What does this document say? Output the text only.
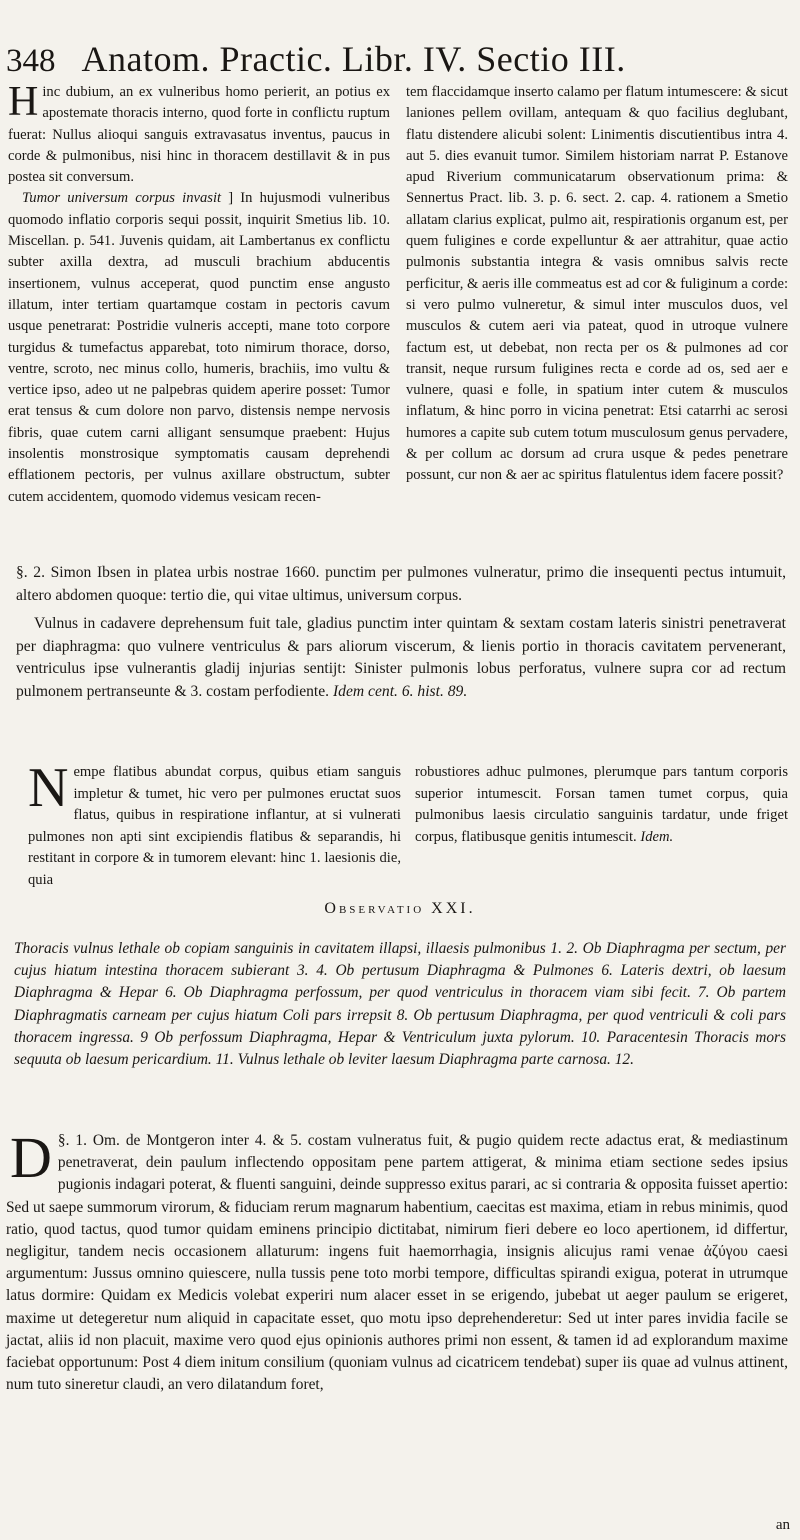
348 Anatom. Practic. Libr. IV. Sectio III.
H inc dubium, an ex vulneribus homo perierit, an potius ex apostemate thoracis interno, quod forte in conflictu ruptum fuerat: Nullus alioqui sanguis extravasatus inventus, paucus in corde & pulmonibus, nisi hinc in thoracem destillavit & in pus postea sit conversum.
Tumor universum corpus invasit ] In hujusmodi vulneribus quomodo inflatio corporis sequi possit, inquirit Smetius lib. 10. Miscellan. p. 541. Juvenis quidam, ait Lambertanus ex conflictu subter axilla dextra, ad musculi brachium abducentis insertionem, vulnus acceperat, quod punctim ense angusto illatum, inter tertiam quartamque costam in pectoris cavum usque penetrarat: Postridie vulneris accepti, mane toto corpore turgidus & tumefactus apparebat, toto nimirum thorace, dorso, ventre, scroto, nec minus collo, humeris, brachiis, imo vultu & vertice ipso, adeo ut ne palpebras quidem aperire posset: Tumor erat tensus & cum dolore non parvo, distensis nempe nervosis fibris, quae cutem carni alligant sensumque praebent: Hujus insolentis monstrosique symptomatis causam deprehendi efflationem pectoris, per vulnus axillare obstructum, subter cutem accidentem, quomodo videmus vesicam recen-
tem flaccidamque inserto calamo per flatum intumescere: & sicut laniones pellem ovillam, antequam & quo facilius deglubant, flatu distendere alicubi solent: Linimentis discutientibus intra 4. aut 5. dies evanuit tumor. Similem historiam narrat P. Estanove apud Riverium communicatarum observationum prima: & Sennertus Pract. lib. 3. p. 6. sect. 2. cap. 4. rationem a Smetio allatam clarius explicat, pulmo ait, respirationis organum est, per quem fuligines e corde expelluntur & aer attrahitur, quae actio pulmonis substantia integra & vasis omnibus salvis recte perficitur, & aeris ille commeatus est ad cor & fuliginum a corde: si vero pulmo vulneretur, & simul inter musculos duos, vel musculos & cutem aeri via pateat, quod in utroque vulnere factum est, ut debebat, non recta per os & pulmones ad cor transit, neque rursum fuligines recta e corde ad os, sed aer e vulnere, quasi e folle, in spatium inter cutem & musculos inflatum, & hinc porro in vicina penetrat: Etsi catarrhi ac serosi humores a capite sub cutem totum musculosum genus pervadere, & per collum ac dorsum ad crura usque & pedes penetrare possunt, cur non & aer ac spiritus flatulentus idem facere possit?

§. 2. Simon Ibsen in platea urbis nostrae 1660. punctim per pulmones vulneratur, primo die insequenti pectus intumuit, altero abdomen quoque: tertio die, qui vitae ultimus, universum corpus.

Vulnus in cadavere deprehensum fuit tale, gladius punctim inter quintam & sextam costam lateris sinistri penetraverat per diaphragma: quo vulnere ventriculus & pars aliorum viscerum, & lienis portio in thoracis cavitatem pervenerant, ventriculus ipse vulnerantis gladij injurias sentijt: Sinister pulmonis lobus perforatus, vulnere supra cor ad rectum pulmonem pertranseunte & 3. costam perfodiente. Idem cent. 6. hist. 89.

N empe flatibus abundat corpus, quibus etiam sanguis impletur & tumet, hic vero per pulmones eructat suos flatus, quibus in respiratione inflantur, at si vulnerati pulmones non apti sint excipiendis flatibus & separandis, hi restitant in corpore & in tumorem elevant: hinc 1. laesionis die, quia
robustiores adhuc pulmones, plerumque pars tantum corporis superior intumescit. Forsan tamen tumet corpus, quia pulmonibus laesis circulatio sanguinis tardatur, unde friget corpus, flatibusque genitis intumescit. Idem.
Observatio XXI.
Thoracis vulnus lethale ob copiam sanguinis in cavitatem illapsi, illaesis pulmonibus 1. 2. Ob Diaphragma per sectum, per cujus hiatum intestina thoracem subierant 3. 4. Ob pertusum Diaphragma & Pulmones 6. Lateris dextri, ob laesum Diaphragma & Hepar 6. Ob Diaphragma perfossum, per quod ventriculus in thoracem viam sibi fecit. 7. Ob partem Diaphragmatis carneam per cujus hiatum Coli pars irrepsit 8. Ob pertusum Diaphragma, per quod ventriculi & coli pars thoracem ingressa. 9 Ob perfossum Diaphragma, Hepar & Ventriculum juxta pylorum. 10. Paracentesin Thoracis mors sequuta ob laesum pericardium. 11. Vulnus lethale ob leviter laesum Diaphragma parte carnosa. 12.
§. 1.
D	Om. de Montgeron inter 4. & 5. costam vulneratus fuit, & pugio quidem recte adactus erat, & mediastinum penetraverat, dein paulum inflectendo oppositam pene partem attigerat, & minima etiam sectione sedes ipsius pugionis indagari poterat, & fluenti sanguini, deinde suppresso exitus parari, ac si contraria & opposita fuisset apertio: Sed ut saepe summorum virorum, & fiduciam rerum magnarum habentium, caecitas est maxima, etiam in rebus minimis, quod ratio, quod tactus, quod tumor quidam eminens principio dictitabat, nimirum fieri debere eo loco apertionem, id differtur, negligitur, tandem necis occasionem allaturum: ingens fuit haemorrhagia, insignis alicujus rami venae ἀζύγου caesi argumentum: Jussus omnino quiescere, nulla tussis pene toto morbi tempore, difficultas spirandi exigua, poterat in utrumque latus dormire: Quidam ex Medicis volebat experiri num alacer esset in se erigendo, jubebat ut aeger paulum se erigeret, maxime ut detegeretur num aliquid in capacitate esset, quo motu ipso deprehenderetur: Sed ut inter pares invidia facile se jactat, aliis id non placuit, maxime vero quod ejus opinionis authores primi non essent, & tamen id ad explorandum maxime faciebat opportunum: Post 4 diem initum consilium (quoniam vulnus ad cicatricem tendebat) super iis quae ad vulnus attinent, num tuto sineretur claudi, an vero dilatandum foret,
an
